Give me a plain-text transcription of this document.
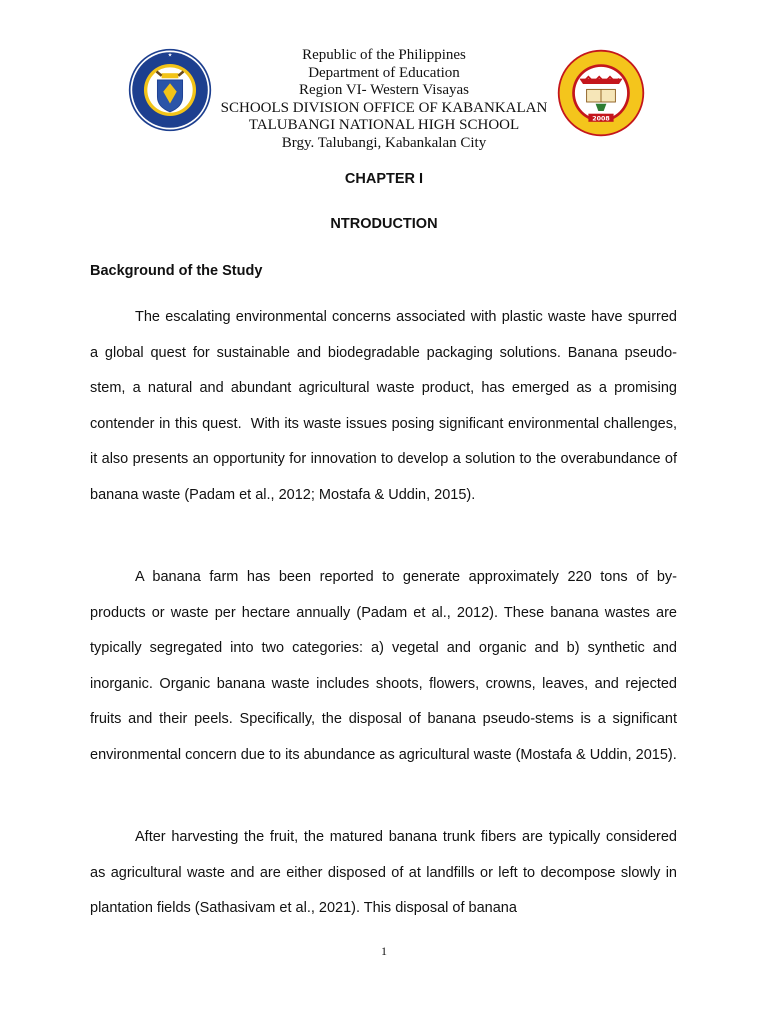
★
2008
Republic of the Philippines
Department of Education
Region VI- Western Visayas
SCHOOLS DIVISION OFFICE OF KABANKALAN
TALUBANGI NATIONAL HIGH SCHOOL
Brgy. Talubangi, Kabankalan City
CHAPTER I
NTRODUCTION
Background of the Study

The escalating environmental concerns associated with plastic waste have spurred a global quest for sustainable and biodegradable packaging solutions. Banana pseudo-stem, a natural and abundant agricultural waste product, has emerged as a promising contender in this quest.  With its waste issues posing significant environmental challenges, it also presents an opportunity for innovation to develop a solution to the overabundance of banana waste (Padam et al., 2012; Mostafa & Uddin, 2015).

A banana farm has been reported to generate approximately 220 tons of by-products or waste per hectare annually (Padam et al., 2012). These banana wastes are typically segregated into two categories: a) vegetal and organic and b) synthetic and inorganic. Organic banana waste includes shoots, flowers, crowns, leaves, and rejected fruits and their peels. Specifically, the disposal of banana pseudo-stems is a significant environmental concern due to its abundance as agricultural waste (Mostafa & Uddin, 2015).

After harvesting the fruit, the matured banana trunk fibers are typically considered as agricultural waste and are either disposed of at landfills or left to decompose slowly in plantation fields (Sathasivam et al., 2021). This disposal of banana

1
